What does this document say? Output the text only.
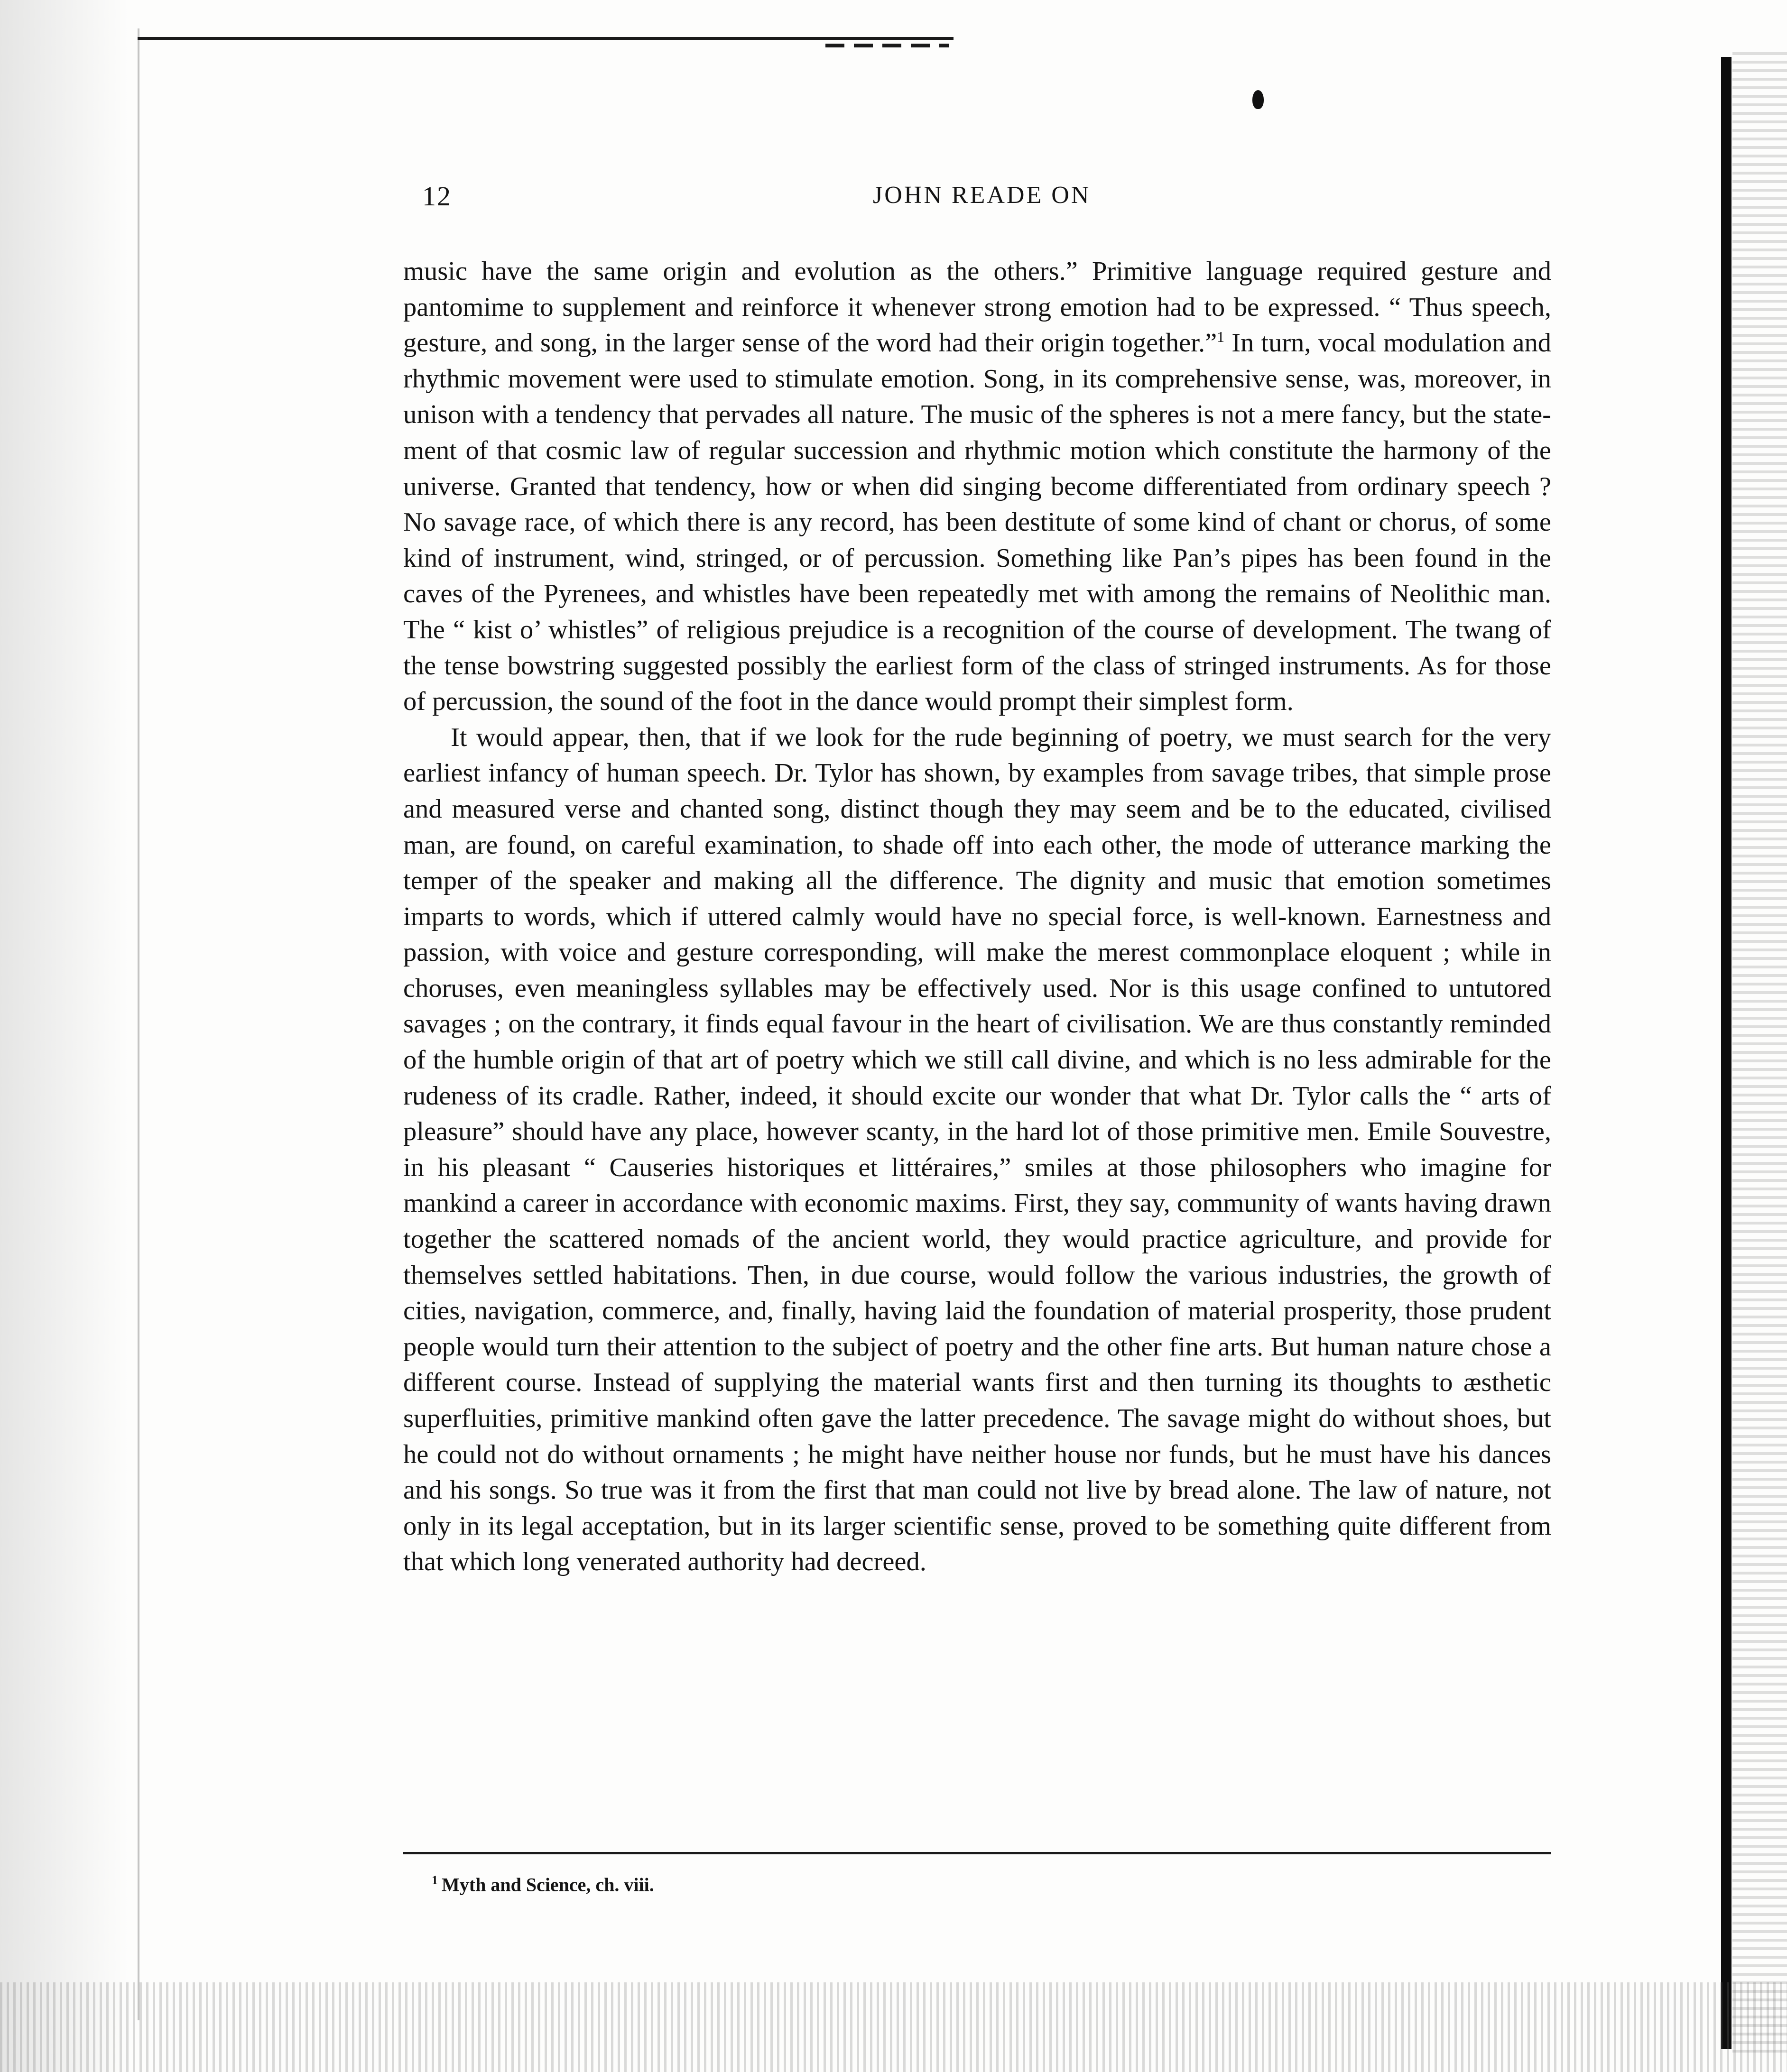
12	JOHN READE ON

music have the same origin and evolution as the others.” Primitive language required gesture and pantomime to supplement and reinforce it whenever strong emotion had to be expressed. “ Thus speech, gesture, and song, in the larger sense of the word had their origin together.”$^1$ In turn, vocal modulation and rhythmic movement were used to stimulate emotion. Song, in its comprehensive sense, was, moreover, in unison with a tendency that pervades all nature. The music of the spheres is not a mere fancy, but the statement of that cosmic law of regular succession and rhythmic motion which constitute the harmony of the universe. Granted that tendency, how or when did singing become differentiated from ordinary speech ? No savage race, of which there is any record, has been destitute of some kind of chant or chorus, of some kind of instrument, wind, stringed, or of percussion. Something like Pan’s pipes has been found in the caves of the Pyrenees, and whistles have been repeatedly met with among the remains of Neolithic man. The “ kist o’ whistles” of religious prejudice is a recognition of the course of development. The twang of the tense bowstring suggested possibly the earliest form of the class of stringed instruments. As for those of percussion, the sound of the foot in the dance would prompt their simplest form.

It would appear, then, that if we look for the rude beginning of poetry, we must search for the very earliest infancy of human speech. Dr. Tylor has shown, by examples from savage tribes, that simple prose and measured verse and chanted song, distinct though they may seem and be to the educated, civilised man, are found, on careful examination, to shade off into each other, the mode of utterance marking the temper of the speaker and making all the difference. The dignity and music that emotion sometimes imparts to words, which if uttered calmly would have no special force, is well-known. Earnestness and passion, with voice and gesture corresponding, will make the merest commonplace eloquent ; while in choruses, even meaningless syllables may be effectively used. Nor is this usage confined to untutored savages ; on the contrary, it finds equal favour in the heart of civilisation. We are thus constantly reminded of the humble origin of that art of poetry which we still call divine, and which is no less admirable for the rudeness of its cradle. Rather, indeed, it should excite our wonder that what Dr. Tylor calls the “ arts of pleasure” should have any place, however scanty, in the hard lot of those primitive men. Emile Souvestre, in his pleasant “ Causeries historiques et littéraires,” smiles at those philosophers who imagine for mankind a career in accordance with economic maxims. First, they say, community of wants having drawn together the scattered nomads of the ancient world, they would practice agriculture, and provide for themselves settled habitations. Then, in due course, would follow the various industries, the growth of cities, navigation, commerce, and, finally, having laid the foundation of material prosperity, those prudent people would turn their attention to the subject of poetry and the other fine arts. But human nature chose a different course. Instead of supplying the material wants first and then turning its thoughts to æsthetic superfluities, primitive mankind often gave the latter precedence. The savage might do without shoes, but he could not do without ornaments ; he might have neither house nor funds, but he must have his dances and his songs. So true was it from the first that man could not live by bread alone. The law of nature, not only in its legal acceptation, but in its larger scientific sense, proved to be something quite different from that which long venerated authority had decreed.

$^1$ Myth and Science, ch. viii.
